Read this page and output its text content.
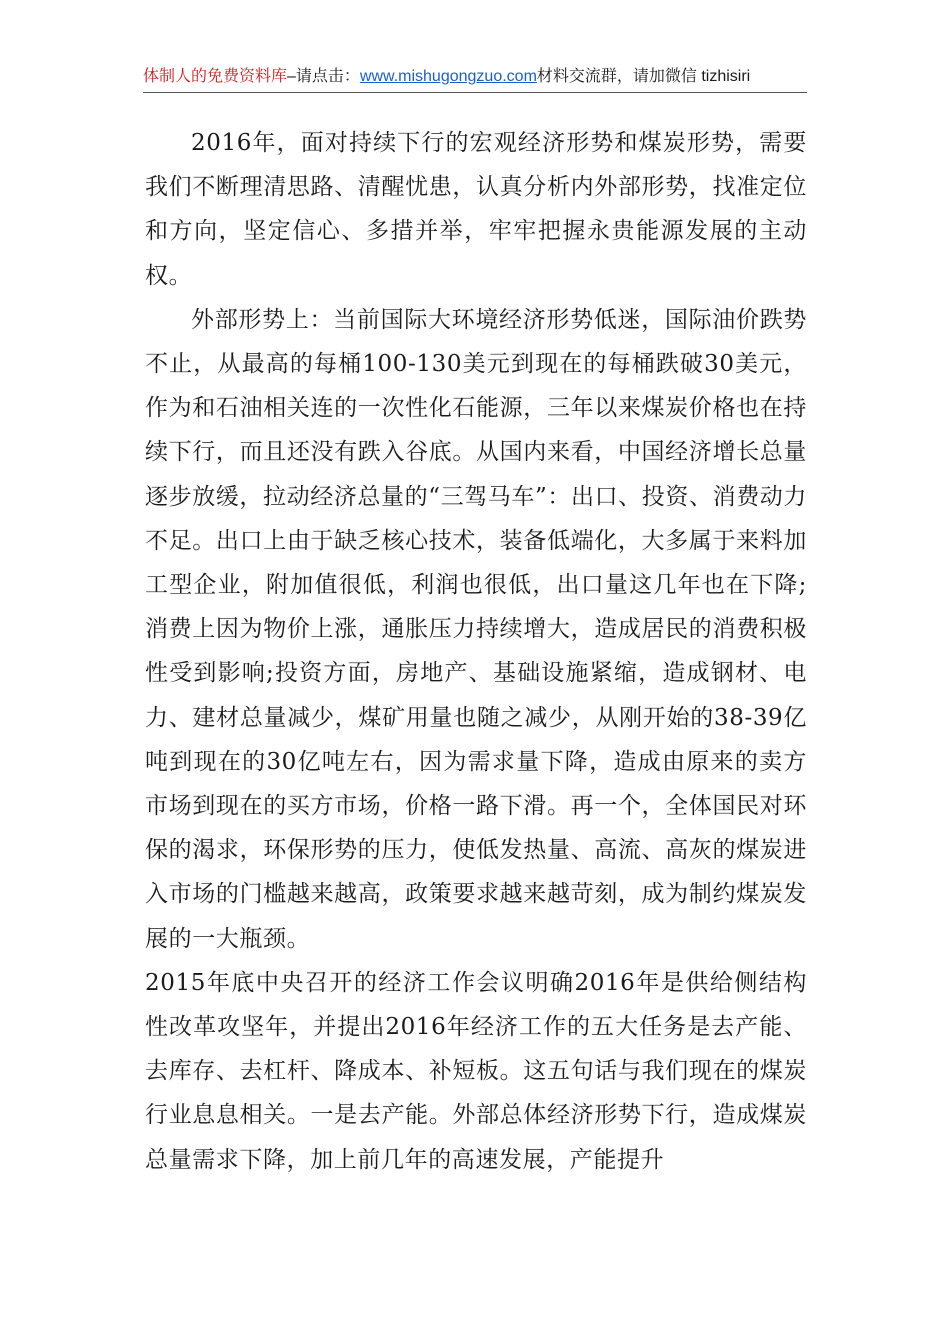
体制人的免费资料库–请点击：www.mishugongzuo.com材料交流群，请加微信 tizhisiri

2016年，面对持续下行的宏观经济形势和煤炭形势，需要我们不断理清思路、清醒忧患，认真分析内外部形势，找准定位和方向，坚定信心、多措并举，牢牢把握永贵能源发展的主动权。

外部形势上：当前国际大环境经济形势低迷，国际油价跌势不止，从最高的每桶100-130美元到现在的每桶跌破30美元，作为和石油相关连的一次性化石能源，三年以来煤炭价格也在持续下行，而且还没有跌入谷底。从国内来看，中国经济增长总量逐步放缓，拉动经济总量的“三驾马车”：出口、投资、消费动力不足。出口上由于缺乏核心技术，装备低端化，大多属于来料加工型企业，附加值很低，利润也很低，出口量这几年也在下降;消费上因为物价上涨，通胀压力持续增大，造成居民的消费积极性受到影响;投资方面，房地产、基础设施紧缩，造成钢材、电力、建材总量减少，煤矿用量也随之减少，从刚开始的38-39亿吨到现在的30亿吨左右，因为需求量下降，造成由原来的卖方市场到现在的买方市场，价格一路下滑。再一个，全体国民对环保的渴求，环保形势的压力，使低发热量、高流、高灰的煤炭进入市场的门槛越来越高，政策要求越来越苛刻，成为制约煤炭发展的一大瓶颈。

2015年底中央召开的经济工作会议明确2016年是供给侧结构性改革攻坚年，并提出2016年经济工作的五大任务是去产能、去库存、去杠杆、降成本、补短板。这五句话与我们现在的煤炭行业息息相关。一是去产能。外部总体经济形势下行，造成煤炭总量需求下降，加上前几年的高速发展，产能提升
